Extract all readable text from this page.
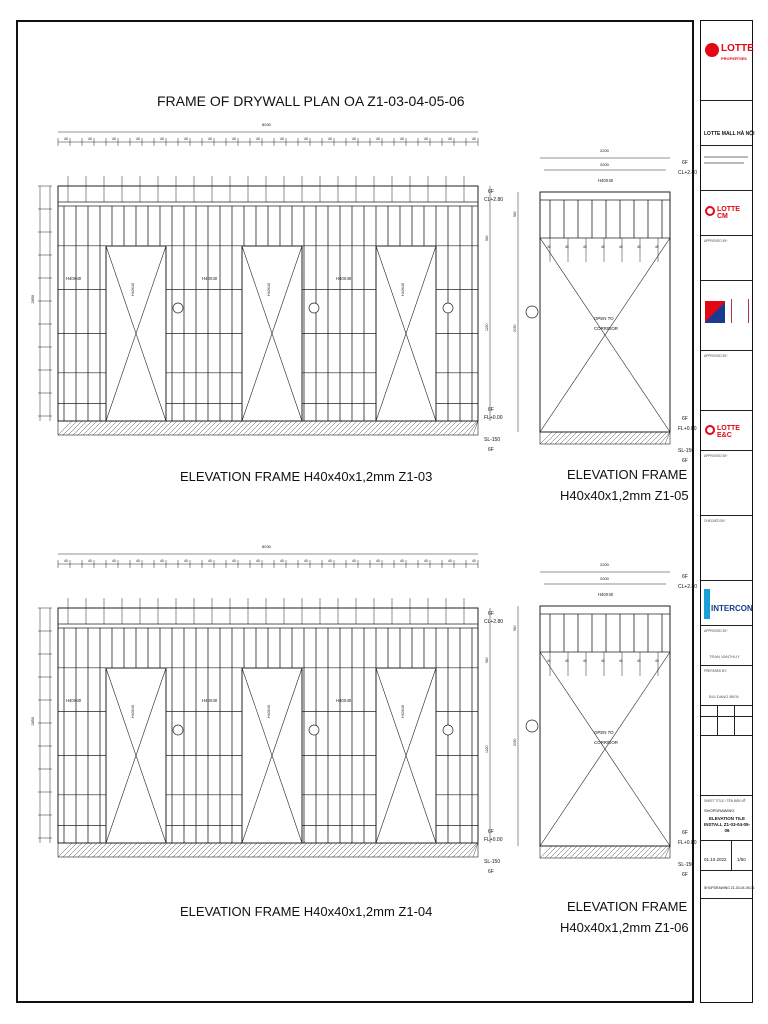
FRAME OF DRYWALL PLAN OA Z1-03-04-05-06
8030
40	40	40	40	40	40	40	40	40	40	40	40	40	40	40	40	40	40
H40X40
H40X40
H40X40
H40X40
H40X40
H40X40
2850
560
1220
6F
CL+2.80
6F
FL+0.00
SL-150
6F
8030
40	40	40	40	40	40	40	40	40	40	40	40	40	40	40	40	40	40
H40X40
H40X40
H40X40
H40X40
H40X40
H40X40
2850
560
1220
6F
CL+2.80
6F
FL+0.00
SL-150
6F
2200
2000
40	40	40	40	40	40	40
OPEN TO
CORRIDOR
H40X40
560
2050
6F
CL+2.80
6F
FL+0.00
SL-150
6F
2200
2000
40	40	40	40	40	40	40
OPEN TO
CORRIDOR
H40X40
560
2050
6F
CL+2.80
6F
FL+0.00
SL-150
6F
ELEVATION FRAME H40x40x1,2mm Z1-03
ELEVATION FRAME H40x40x1,2mm Z1-04
ELEVATION FRAME
H40x40x1,2mm Z1-05
ELEVATION FRAME
H40x40x1,2mm Z1-06
LOTTE
PROPERTIES
LOTTE MALL HÀ NỘI
LOTTE CM
APPROVED BY:
APPROVED BY:
LOTTE E&C
APPROVED BY:
CHECKED BY:
INTERCON
APPROVED BY:
TRAN VANTHUY
PREPARED BY:
BUI DANG BIEN
SHEET TITLE / TÊN BẢN VẼ
SHOPDRAWING
ELEVATION TILE INSTALL Z1-03-04-05-06
01.10.2022 1/50
SHOPDRAWING Z1-03-04-05-06
